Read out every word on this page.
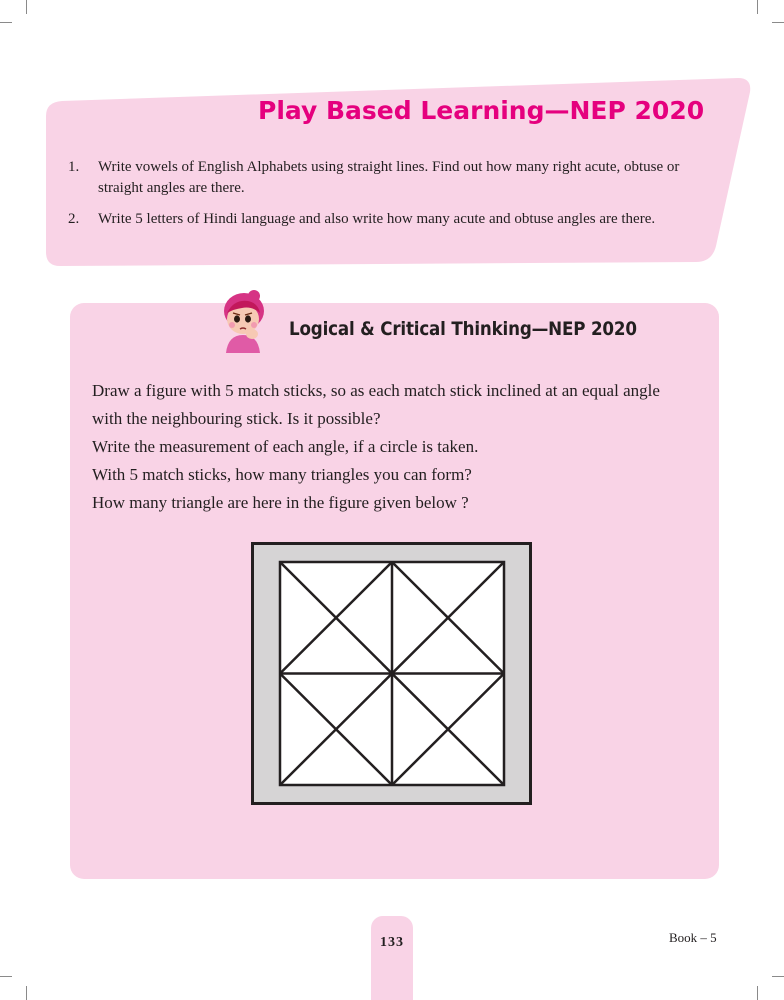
Play Based Learning—NEP 2020
1. Write vowels of English Alphabets using straight lines. Find out how many right acute, obtuse or straight angles are there.
2. Write 5 letters of Hindi language and also write how many acute and obtuse angles are there.
Logical & Critical Thinking—NEP 2020
Draw a figure with 5 match sticks, so as each match stick inclined at an equal angle
with the neighbouring stick. Is it possible?
Write the measurement of each angle, if a circle is taken.
With 5 match sticks, how many triangles you can form?
How many triangle are here in the figure given below ?
133	Book – 5
